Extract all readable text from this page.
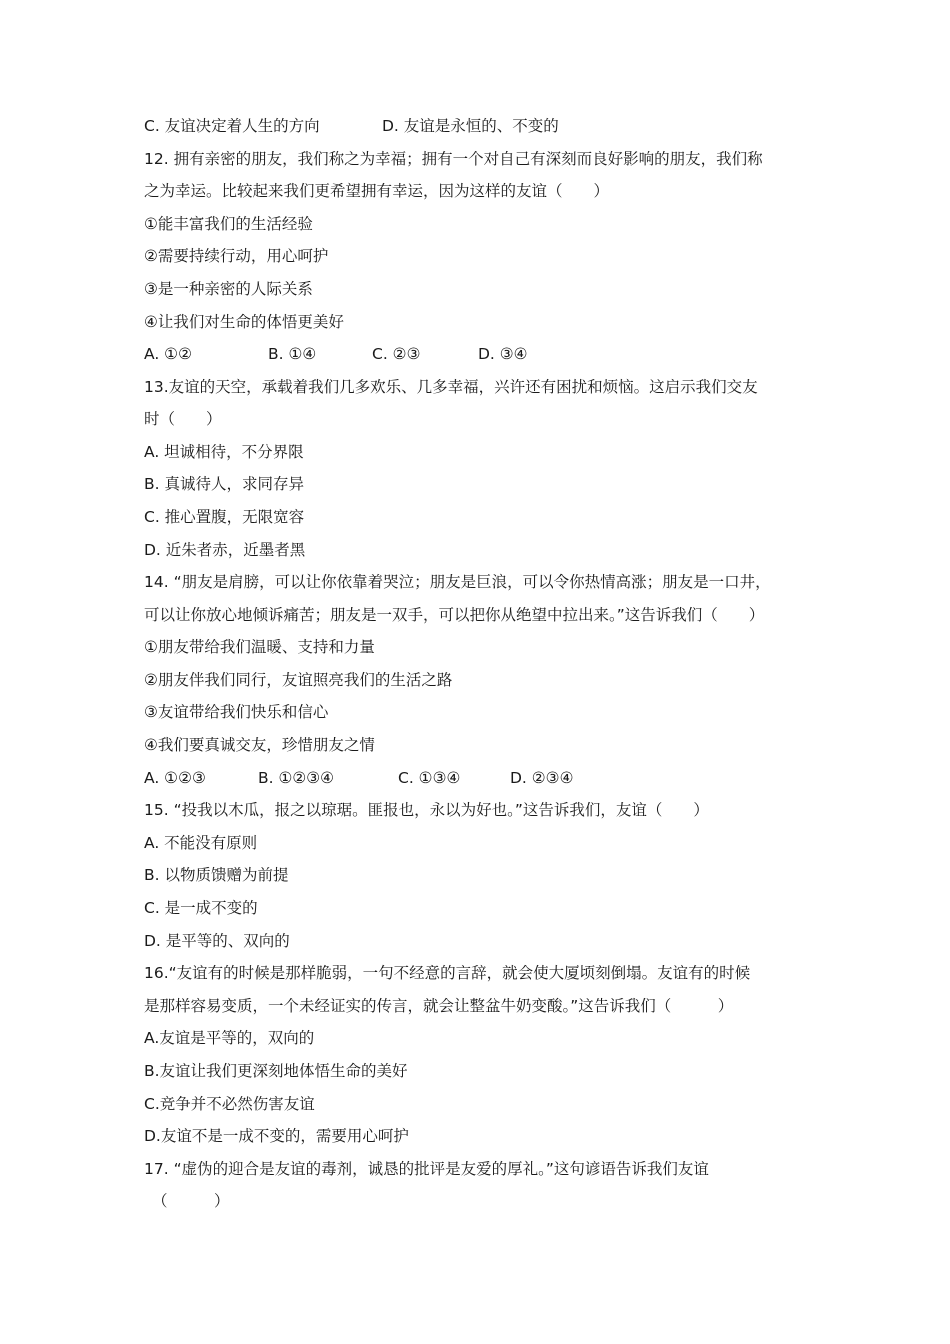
C. 友谊决定着人生的方向	D. 友谊是永恒的、不变的
12. 拥有亲密的朋友，我们称之为幸福；拥有一个对自己有深刻而良好影响的朋友，我们称
之为幸运。比较起来我们更希望拥有幸运，因为这样的友谊（　　）
①能丰富我们的生活经验
②需要持续行动，用心呵护
③是一种亲密的人际关系
④让我们对生命的体悟更美好
A. ①②	B. ①④	C. ②③	D. ③④
13.友谊的天空，承载着我们几多欢乐、几多幸福，兴许还有困扰和烦恼。这启示我们交友
时（　　）
A. 坦诚相待，不分界限
B. 真诚待人，求同存异
C. 推心置腹，无限宽容
D. 近朱者赤，近墨者黑
14. “朋友是肩膀，可以让你依靠着哭泣；朋友是巨浪，可以令你热情高涨；朋友是一口井，
可以让你放心地倾诉痛苦；朋友是一双手，可以把你从绝望中拉出来。”这告诉我们（　　）
①朋友带给我们温暖、支持和力量
②朋友伴我们同行，友谊照亮我们的生活之路
③友谊带给我们快乐和信心
④我们要真诚交友，珍惜朋友之情
A. ①②③	B. ①②③④	C. ①③④	D. ②③④
15. “投我以木瓜，报之以琼琚。匪报也，永以为好也。”这告诉我们，友谊（　　）
A. 不能没有原则
B. 以物质馈赠为前提
C. 是一成不变的
D. 是平等的、双向的
16.“友谊有的时候是那样脆弱，一句不经意的言辞，就会使大厦顷刻倒塌。友谊有的时候
是那样容易变质，一个未经证实的传言，就会让整盆牛奶变酸。”这告诉我们（　　　）
A.友谊是平等的，双向的
B.友谊让我们更深刻地体悟生命的美好
C.竞争并不必然伤害友谊
D.友谊不是一成不变的，需要用心呵护
17. “虚伪的迎合是友谊的毒剂，诚恳的批评是友爱的厚礼。”这句谚语告诉我们友谊
（　　　）
